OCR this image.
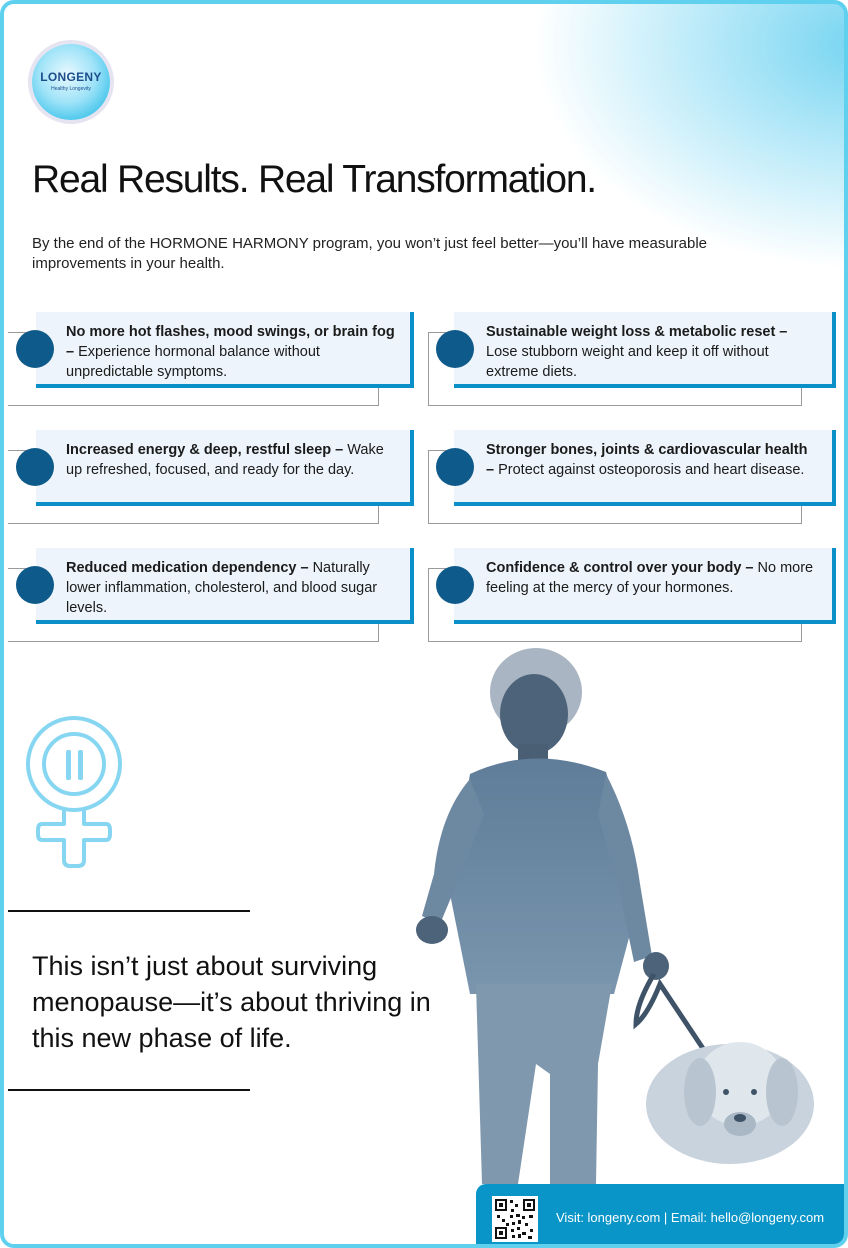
LONGENY
Healthy Longevity
Real Results. Real Transformation.

By the end of the HORMONE HARMONY program, you won’t just feel better—you’ll have measurable improvements in your health.

No more hot flashes, mood swings, or brain fog – Experience hormonal balance without unpredictable symptoms.
Sustainable weight loss & metabolic reset – Lose stubborn weight and keep it off without extreme diets.
Increased energy & deep, restful sleep – Wake up refreshed, focused, and ready for the day.
Stronger bones, joints & cardiovascular health – Protect against osteoporosis and heart disease.
Reduced medication dependency – Naturally lower inflammation, cholesterol, and blood sugar levels.
Confidence & control over your body – No more feeling at the mercy of your hormones.

This isn’t just about surviving menopause—it’s about thriving in this new phase of life.

Visit: longeny.com | Email: hello@longeny.com
